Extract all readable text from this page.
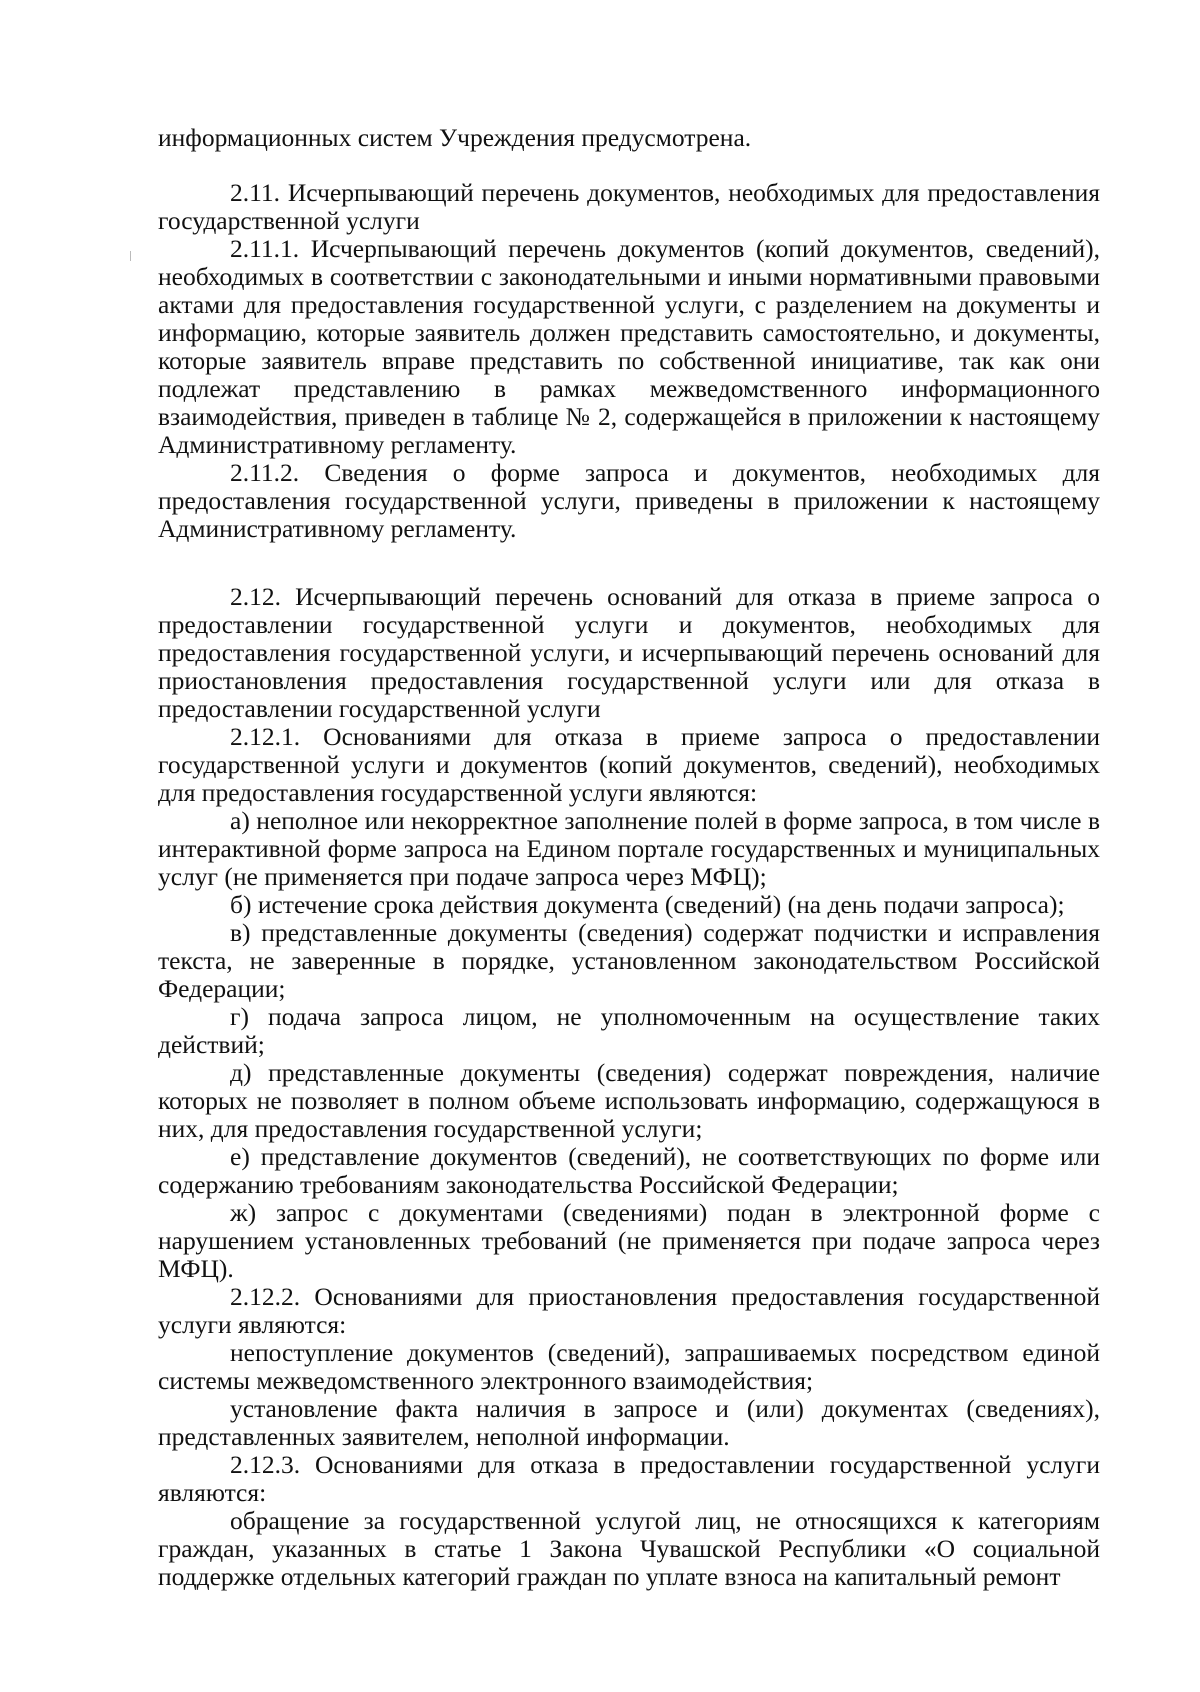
информационных систем Учреждения предусмотрена.

2.11. Исчерпывающий перечень документов, необходимых для предоставления государственной услуги

2.11.1. Исчерпывающий перечень документов (копий документов, сведений), необходимых в соответствии с законодательными и иными нормативными правовыми актами для предоставления государственной услуги, с разделением на документы и информацию, которые заявитель должен представить самостоятельно, и документы, которые заявитель вправе представить по собственной инициативе, так как они подлежат представлению в рамках межведомственного информационного взаимодействия, приведен в таблице № 2, содержащейся в приложении к настоящему Административному регламенту.

2.11.2. Сведения о форме запроса и документов, необходимых для предоставления государственной услуги, приведены в приложении к настоящему Административному регламенту.

2.12. Исчерпывающий перечень оснований для отказа в приеме запроса о предоставлении государственной услуги и документов, необходимых для предоставления государственной услуги, и исчерпывающий перечень оснований для приостановления предоставления государственной услуги или для отказа в предоставлении государственной услуги

2.12.1. Основаниями для отказа в приеме запроса о предоставлении государственной услуги и документов (копий документов, сведений), необходимых для предоставления государственной услуги являются:

а) неполное или некорректное заполнение полей в форме запроса, в том числе в интерактивной форме запроса на Едином портале государственных и муниципальных услуг (не применяется при подаче запроса через МФЦ);

б) истечение срока действия документа (сведений) (на день подачи запроса);

в) представленные документы (сведения) содержат подчистки и исправления текста, не заверенные в порядке, установленном законодательством Российской Федерации;

г) подача запроса лицом, не уполномоченным на осуществление таких действий;

д) представленные документы (сведения) содержат повреждения, наличие которых не позволяет в полном объеме использовать информацию, содержащуюся в них, для предоставления государственной услуги;

е) представление документов (сведений), не соответствующих по форме или содержанию требованиям законодательства Российской Федерации;

ж) запрос с документами (сведениями) подан в электронной форме с нарушением установленных требований (не применяется при подаче запроса через МФЦ).

2.12.2. Основаниями для приостановления предоставления государственной услуги являются:

непоступление документов (сведений), запрашиваемых посредством единой системы межведомственного электронного взаимодействия;

установление факта наличия в запросе и (или) документах (сведениях), представленных заявителем, неполной информации.

2.12.3. Основаниями для отказа в предоставлении государственной услуги являются:

обращение за государственной услугой лиц, не относящихся к категориям граждан, указанных в статье 1 Закона Чувашской Республики «О социальной поддержке отдельных категорий граждан по уплате взноса на капитальный ремонт
